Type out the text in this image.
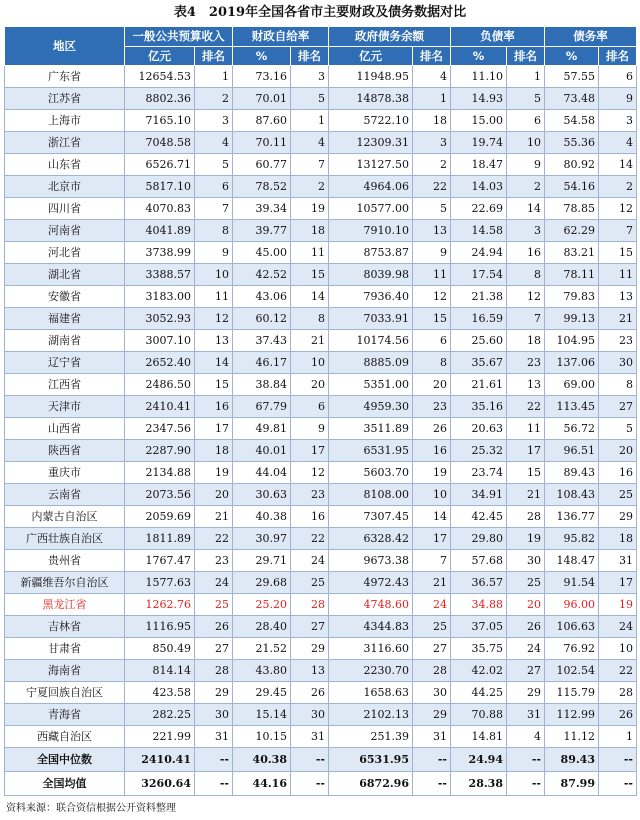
表4　2019年全国各省市主要财政及债务数据对比
地区	一般公共预算收入		财政自给率		政府债务余额		负债率		债务率	
	亿元	排名	%	排名	亿元	排名	%	排名	%	排名
广东省	12654.53	1	73.16	3	11948.95	4	11.10	1	57.55	6
江苏省	8802.36	2	70.01	5	14878.38	1	14.93	5	73.48	9
上海市	7165.10	3	87.60	1	5722.10	18	15.00	6	54.58	3
浙江省	7048.58	4	70.11	4	12309.31	3	19.74	10	55.36	4
山东省	6526.71	5	60.77	7	13127.50	2	18.47	9	80.92	14
北京市	5817.10	6	78.52	2	4964.06	22	14.03	2	54.16	2
四川省	4070.83	7	39.34	19	10577.00	5	22.69	14	78.85	12
河南省	4041.89	8	39.77	18	7910.10	13	14.58	3	62.29	7
河北省	3738.99	9	45.00	11	8753.87	9	24.94	16	83.21	15
湖北省	3388.57	10	42.52	15	8039.98	11	17.54	8	78.11	11
安徽省	3183.00	11	43.06	14	7936.40	12	21.38	12	79.83	13
福建省	3052.93	12	60.12	8	7033.91	15	16.59	7	99.13	21
湖南省	3007.10	13	37.43	21	10174.56	6	25.60	18	104.95	23
辽宁省	2652.40	14	46.17	10	8885.09	8	35.67	23	137.06	30
江西省	2486.50	15	38.84	20	5351.00	20	21.61	13	69.00	8
天津市	2410.41	16	67.79	6	4959.30	23	35.16	22	113.45	27
山西省	2347.56	17	49.81	9	3511.89	26	20.63	11	56.72	5
陕西省	2287.90	18	40.01	17	6531.95	16	25.32	17	96.51	20
重庆市	2134.88	19	44.04	12	5603.70	19	23.74	15	89.43	16
云南省	2073.56	20	30.63	23	8108.00	10	34.91	21	108.43	25
内蒙古自治区	2059.69	21	40.38	16	7307.45	14	42.45	28	136.77	29
广西壮族自治区	1811.89	22	30.97	22	6328.42	17	29.80	19	95.82	18
贵州省	1767.47	23	29.71	24	9673.38	7	57.68	30	148.47	31
新疆维吾尔自治区	1577.63	24	29.68	25	4972.43	21	36.57	25	91.54	17
黑龙江省	1262.76	25	25.20	28	4748.60	24	34.88	20	96.00	19
吉林省	1116.95	26	28.40	27	4344.83	25	37.05	26	106.63	24
甘肃省	850.49	27	21.52	29	3116.60	27	35.75	24	76.92	10
海南省	814.14	28	43.80	13	2230.70	28	42.02	27	102.54	22
宁夏回族自治区	423.58	29	29.45	26	1658.63	30	44.25	29	115.79	28
青海省	282.25	30	15.14	30	2102.13	29	70.88	31	112.99	26
西藏自治区	221.99	31	10.15	31	251.39	31	14.81	4	11.12	1
全国中位数	2410.41	--	40.38	--	6531.95	--	24.94	--	89.43	--
全国均值	3260.64	--	44.16	--	6872.96	--	28.38	--	87.99	--
资料来源：联合资信根据公开资料整理
